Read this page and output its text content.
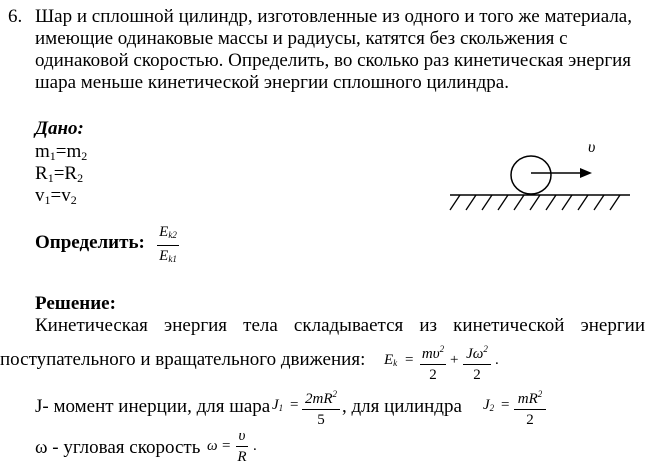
6. Шар и сплошной цилиндр, изготовленные из одного и того же материала,
имеющие одинаковые массы и радиусы, катятся без скольжения с
одинаковой скоростью. Определить, во сколько раз кинетическая энергия
шара меньше кинетической энергии сплошного цилиндра.
Дано:
$m_1=m_2$
$R_1=R_2$
$v_1=v_2$
υ
Определить: Ek2
Ek1
Решение:
Кинетическая энергия тела складывается из кинетической энергии
поступательного и вращательного движения: $Ek = m\upsilon^2$
2
+ $J\omega^2$
2
.
J- момент инерции, для шара $J1 = 2mR^2$
5
, для цилиндра $J2 = mR^2$
2
ω - угловая скорость ω =
υ
R
.
